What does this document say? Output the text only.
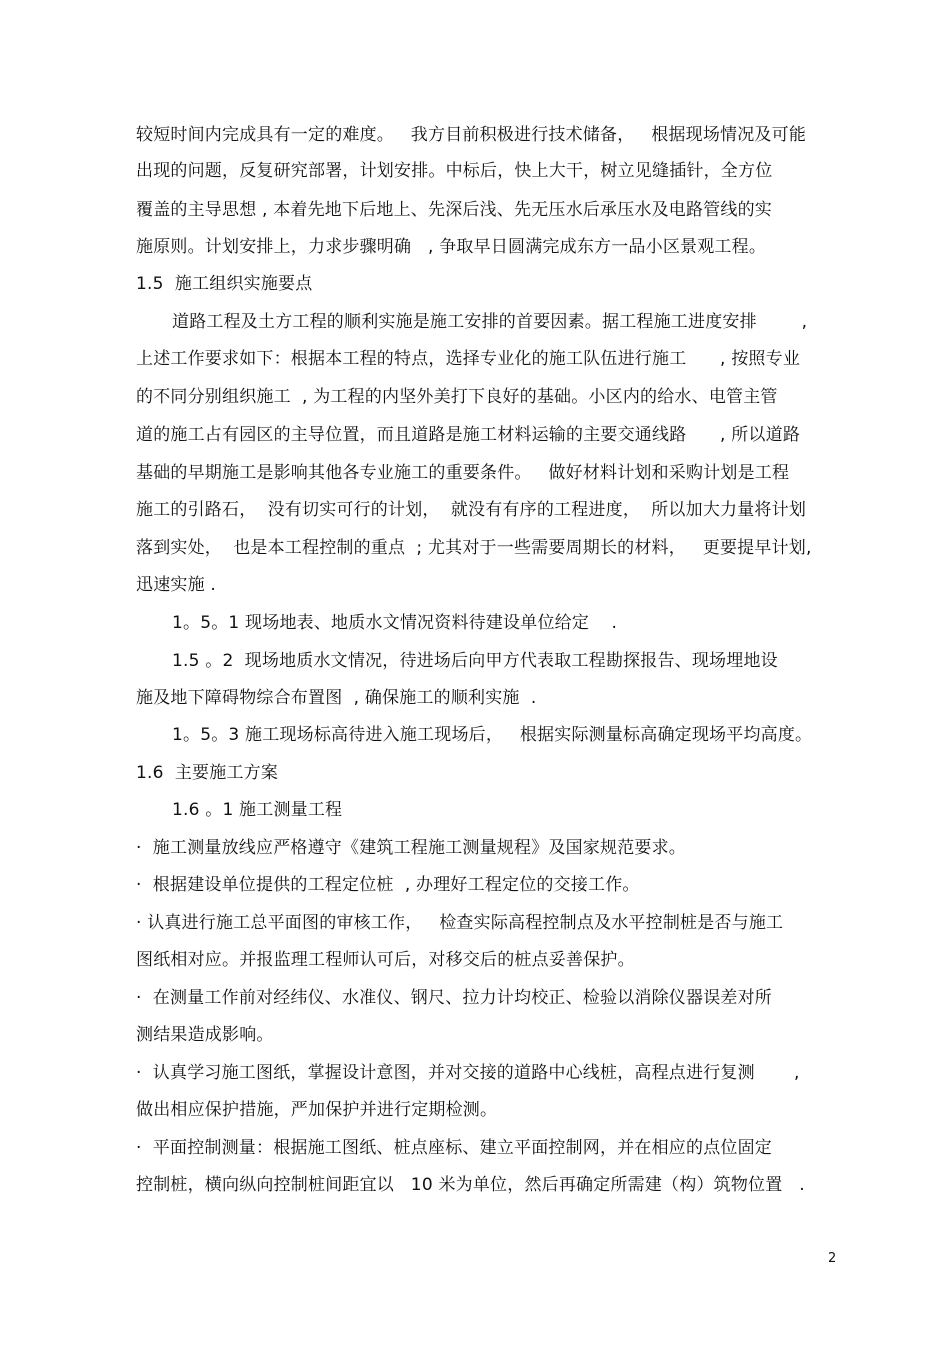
较短时间内完成具有一定的难度。   我方目前积极进行技术储备，   根据现场情况及可能
出现的问题，反复研究部署，计划安排。中标后，快上大干，树立见缝插针，全方位
覆盖的主导思想 , 本着先地下后地上、先深后浅、先无压水后承压水及电路管线的实
施原则。计划安排上，力求步骤明确   , 争取早日圆满完成东方一品小区景观工程。
1.5  施工组织实施要点
道路工程及土方工程的顺利实施是施工安排的首要因素。据工程施工进度安排        ,
上述工作要求如下：根据本工程的特点，选择专业化的施工队伍进行施工      , 按照专业
的不同分别组织施工  , 为工程的内坚外美打下良好的基础。小区内的给水、电管主管
道的施工占有园区的主导位置，而且道路是施工材料运输的主要交通线路      , 所以道路
基础的早期施工是影响其他各专业施工的重要条件。   做好材料计划和采购计划是工程
施工的引路石，  没有切实可行的计划，  就没有有序的工程进度，  所以加大力量将计划
落到实处，  也是本工程控制的重点  ; 尤其对于一些需要周期长的材料，   更要提早计划,
迅速实施 .
1。5。1 现场地表、地质水文情况资料待建设单位给定    .
1.5 。2  现场地质水文情况，待进场后向甲方代表取工程勘探报告、现场埋地设
施及地下障碍物综合布置图  , 确保施工的顺利实施  .
1。5。3 施工现场标高待进入施工现场后，   根据实际测量标高确定现场平均高度。
1.6  主要施工方案
1.6 。1 施工测量工程
·  施工测量放线应严格遵守《建筑工程施工测量规程》及国家规范要求。
·  根据建设单位提供的工程定位桩  , 办理好工程定位的交接工作。
· 认真进行施工总平面图的审核工作，   检查实际高程控制点及水平控制桩是否与施工
图纸相对应。并报监理工程师认可后，对移交后的桩点妥善保护。
·  在测量工作前对经纬仪、水准仪、钢尺、拉力计均校正、检验以消除仪器误差对所
测结果造成影响。
·  认真学习施工图纸，掌握设计意图，并对交接的道路中心线桩，高程点进行复测       ,
做出相应保护措施，严加保护并进行定期检测。
·  平面控制测量：根据施工图纸、桩点座标、建立平面控制网，并在相应的点位固定
控制桩，横向纵向控制桩间距宜以   10 米为单位，然后再确定所需建（构）筑物位置   .
2
